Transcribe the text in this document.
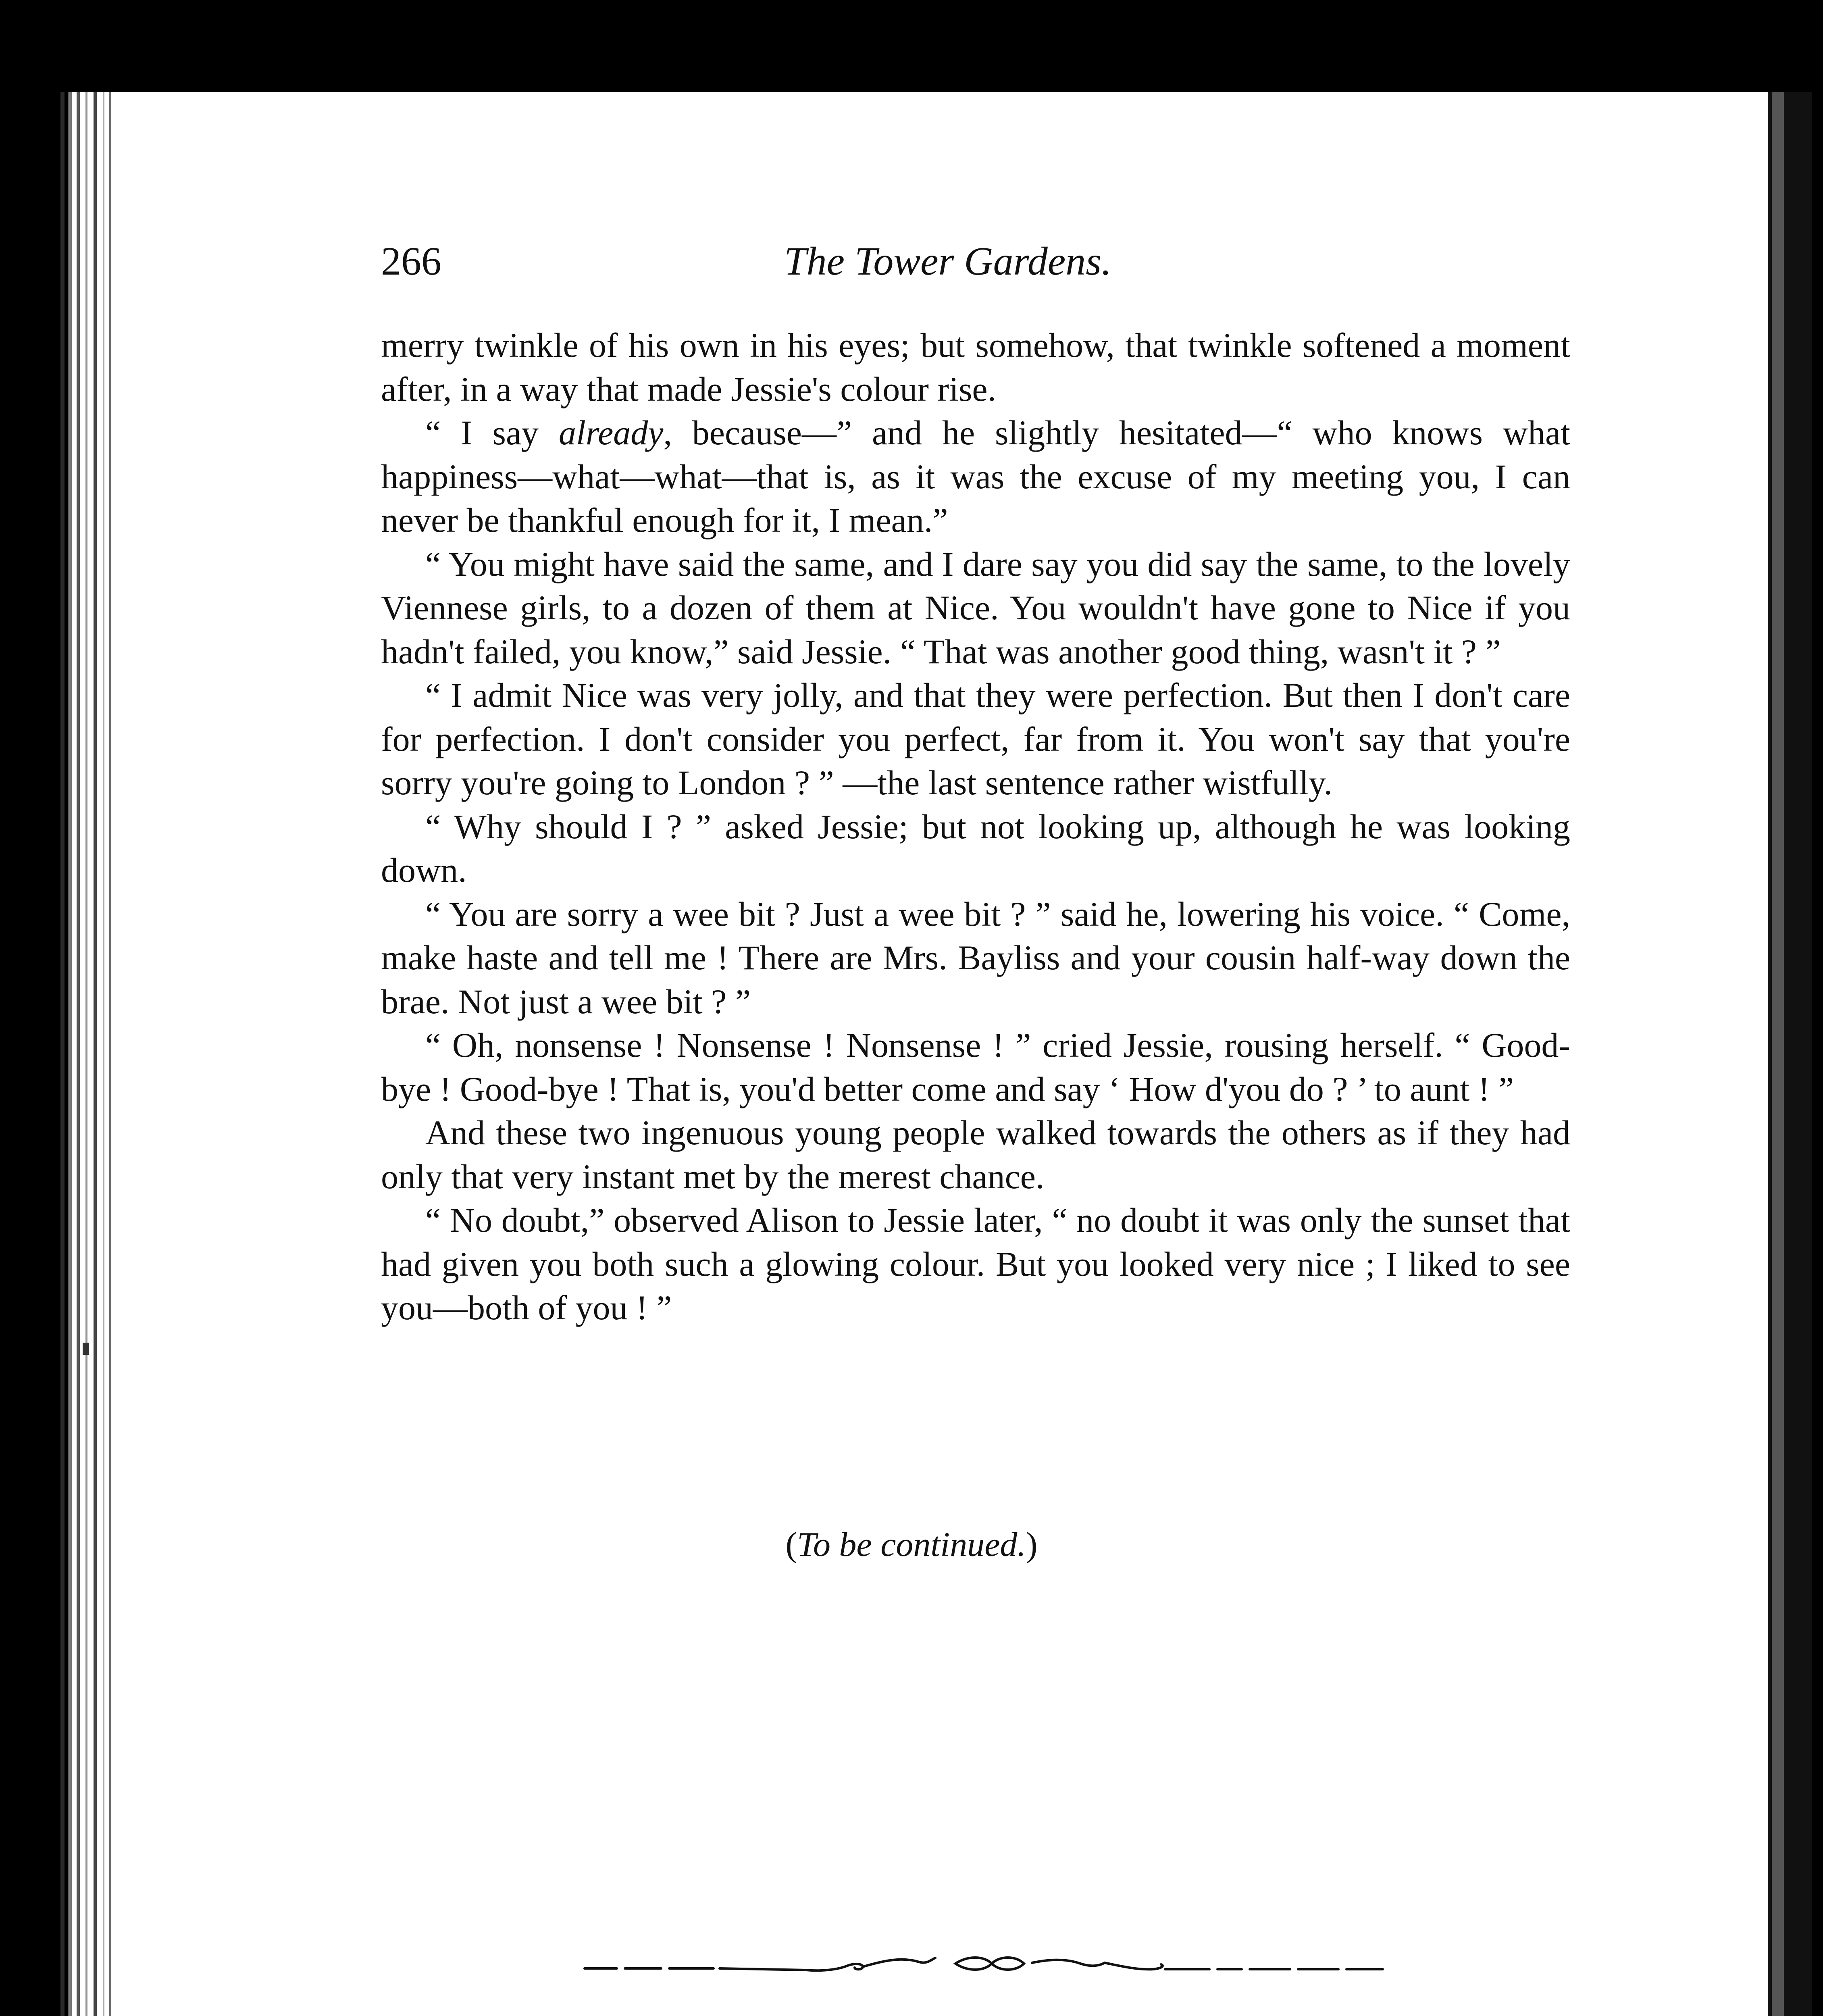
266	The Tower Gardens.

merry twinkle of his own in his eyes; but somehow, that twinkle softened a moment after, in a way that made Jessie's colour rise.

“ I say already, because—” and he slightly hesitated—“ who knows what happiness—what—what—that is, as it was the excuse of my meeting you, I can never be thankful enough for it, I mean.”

“ You might have said the same, and I dare say you did say the same, to the lovely Viennese girls, to a dozen of them at Nice. You wouldn't have gone to Nice if you hadn't failed, you know,” said Jessie. “ That was another good thing, wasn't it ? ”

“ I admit Nice was very jolly, and that they were perfection. But then I don't care for perfection. I don't consider you perfect, far from it. You won't say that you're sorry you're going to London ? ” —the last sentence rather wistfully.

“ Why should I ? ” asked Jessie; but not looking up, although he was looking down.

“ You are sorry a wee bit ? Just a wee bit ? ” said he, lowering his voice. “ Come, make haste and tell me ! There are Mrs. Bayliss and your cousin half-way down the brae. Not just a wee bit ? ”

“ Oh, nonsense ! Nonsense ! Nonsense ! ” cried Jessie, rousing herself. “ Good-bye ! Good-bye ! That is, you'd better come and say ‘ How d'you do ? ’ to aunt ! ”

And these two ingenuous young people walked towards the others as if they had only that very instant met by the merest chance.

“ No doubt,” observed Alison to Jessie later, “ no doubt it was only the sunset that had given you both such a glowing colour. But you looked very nice ; I liked to see you—both of you ! ”

(To be continued.)
